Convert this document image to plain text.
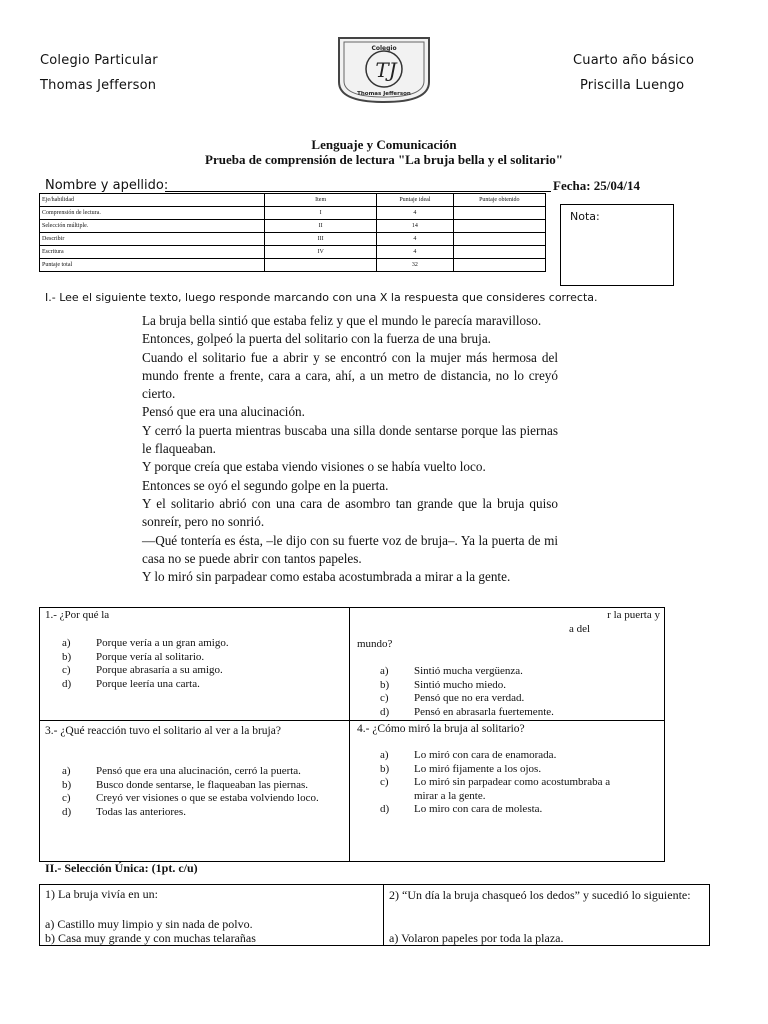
Colegio Particular
Thomas Jefferson
Cuarto año básico
Priscilla Luengo
Colegio
TJ
Thomas Jefferson
Lenguaje y Comunicación
Prueba de comprensión de lectura "La bruja bella y el solitario"
Nombre y apellido:	Fecha: 25/04/14
Eje/habilidad	Item	Puntaje ideal	Puntaje obtenido
Comprensión de lectura.	I	4	
Selección múltiple.	II	14	
Describir	III	4	
Escritura	IV	4	
Puntaje total		32	
Nota:
I.- Lee el siguiente texto, luego responde marcando con una X la respuesta que consideres correcta.
1.- ¿Por qué la
a)	Porque vería a un gran amigo.
b)	Porque vería al solitario.
c)	Porque abrasaría a su amigo.
d)	Porque leería una carta.
r la puerta y
a del
mundo?
a)	Sintió mucha vergüenza.
b)	Sintió mucho miedo.
c)	Pensó que no era verdad.
d)	Pensó en abrasarla fuertemente.
3.- ¿Qué reacción tuvo el solitario al ver a la bruja?
a)	Pensó que era una alucinación, cerró la puerta.
b)	Busco donde sentarse, le flaqueaban las piernas.
c)	Creyó ver visiones o que se estaba volviendo loco.
d)	Todas las anteriores.
4.- ¿Cómo miró la bruja al solitario?
a)	Lo miró con cara de enamorada.
b)	Lo miró fijamente a los ojos.
c)	Lo miró sin parpadear como acostumbraba a mirar a la gente.
d)	Lo miro con cara de molesta.

La bruja bella sintió que estaba feliz y que el mundo le parecía maravilloso.

Entonces, golpeó la puerta del solitario con la fuerza de una bruja.

Cuando el solitario fue a abrir y se encontró con la mujer más hermosa del mundo frente a frente, cara a cara, ahí, a un metro de distancia, no lo creyó cierto.

Pensó que era una alucinación.

Y cerró la puerta mientras buscaba una silla donde sentarse porque las piernas le flaqueaban.

Y porque creía que estaba viendo visiones o se había vuelto loco.

Entonces se oyó el segundo golpe en la puerta.

Y el solitario abrió con una cara de asombro tan grande que la bruja quiso sonreír, pero no sonrió.

—Qué tontería es ésta, –le dijo con su fuerte voz de bruja–. Ya la puerta de mi casa no se puede abrir con tantos papeles.

Y lo miró sin parpadear como estaba acostumbrada a mirar a la gente.

II.- Selección Única: (1pt. c/u)
1) La bruja vivía en un:
a) Castillo muy limpio y sin nada de polvo.
b) Casa muy grande y con muchas telarañas
2) “Un día la bruja chasqueó los dedos” y sucedió lo siguiente:
a) Volaron papeles por toda la plaza.
